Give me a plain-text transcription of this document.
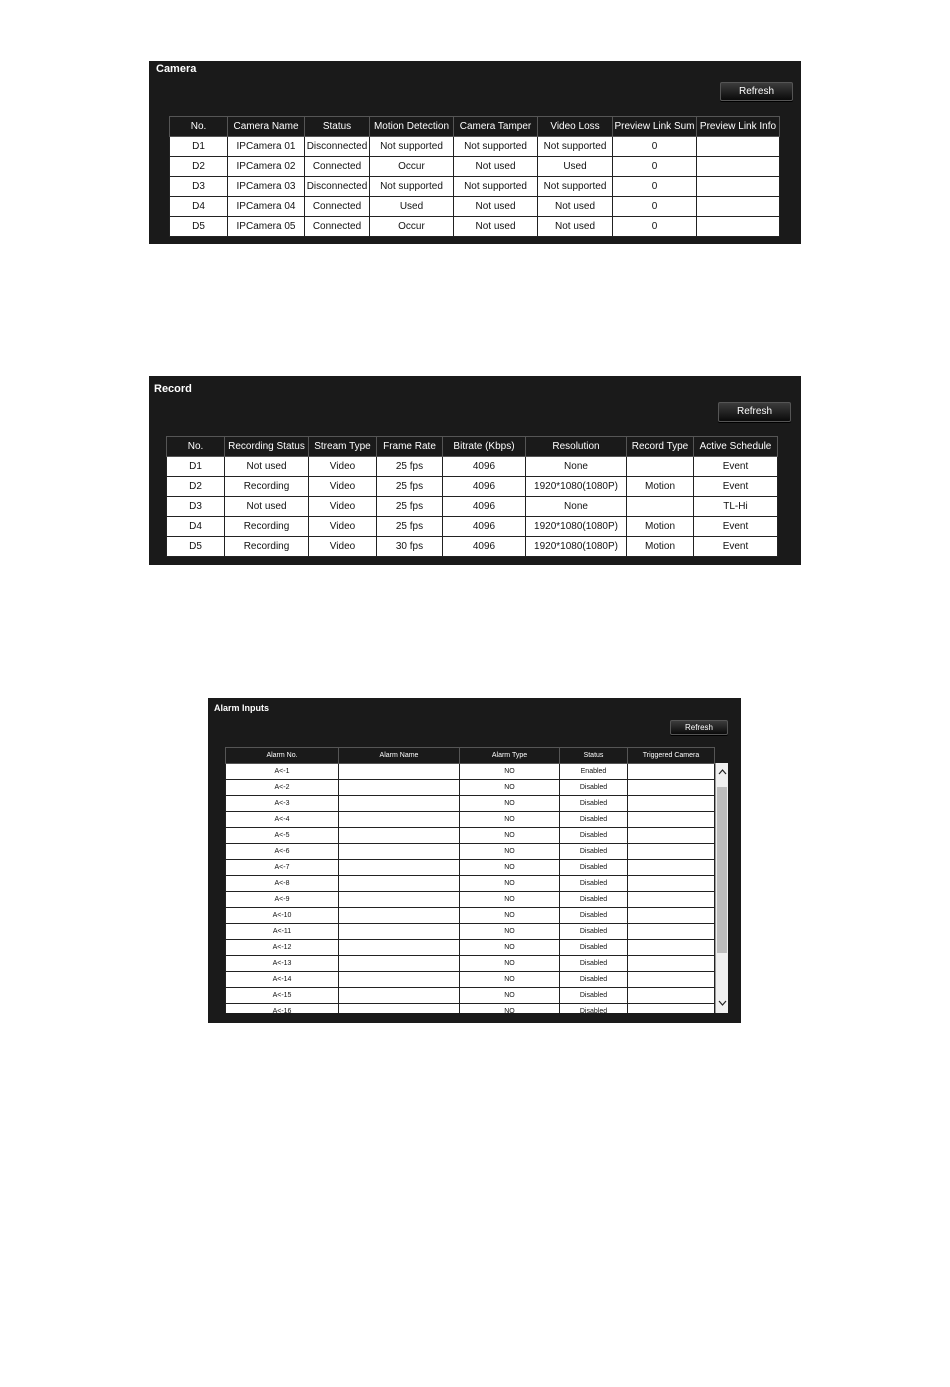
Camera
Refresh
No.	Camera Name	Status	Motion Detection	Camera Tamper	Video Loss	Preview Link Sum	Preview Link Info	
D1	IPCamera 01	Disconnected	Not supported	Not supported	Not supported	0		
D2	IPCamera 02	Connected	Occur	Not used	Used	0		
D3	IPCamera 03	Disconnected	Not supported	Not supported	Not supported	0		
D4	IPCamera 04	Connected	Used	Not used	Not used	0		
D5	IPCamera 05	Connected	Occur	Not used	Not used	0		
Record
Refresh
No.	Recording Status	Stream Type	Frame Rate	Bitrate (Kbps)	Resolution	Record Type	Active Schedule	
D1	Not used	Video	25 fps	4096	None		Event	
D2	Recording	Video	25 fps	4096	1920*1080(1080P)	Motion	Event	
D3	Not used	Video	25 fps	4096	None		TL-Hi	
D4	Recording	Video	25 fps	4096	1920*1080(1080P)	Motion	Event	
D5	Recording	Video	30 fps	4096	1920*1080(1080P)	Motion	Event	
Alarm Inputs
Refresh
Alarm No.	Alarm Name	Alarm Type	Status	Triggered Camera	
A<-1		NO	Enabled		
A<-2		NO	Disabled		
A<-3		NO	Disabled		
A<-4		NO	Disabled		
A<-5		NO	Disabled		
A<-6		NO	Disabled		
A<-7		NO	Disabled		
A<-8		NO	Disabled		
A<-9		NO	Disabled		
A<-10		NO	Disabled		
A<-11		NO	Disabled		
A<-12		NO	Disabled		
A<-13		NO	Disabled		
A<-14		NO	Disabled		
A<-15		NO	Disabled		
A<-16		NO	Disabled		
